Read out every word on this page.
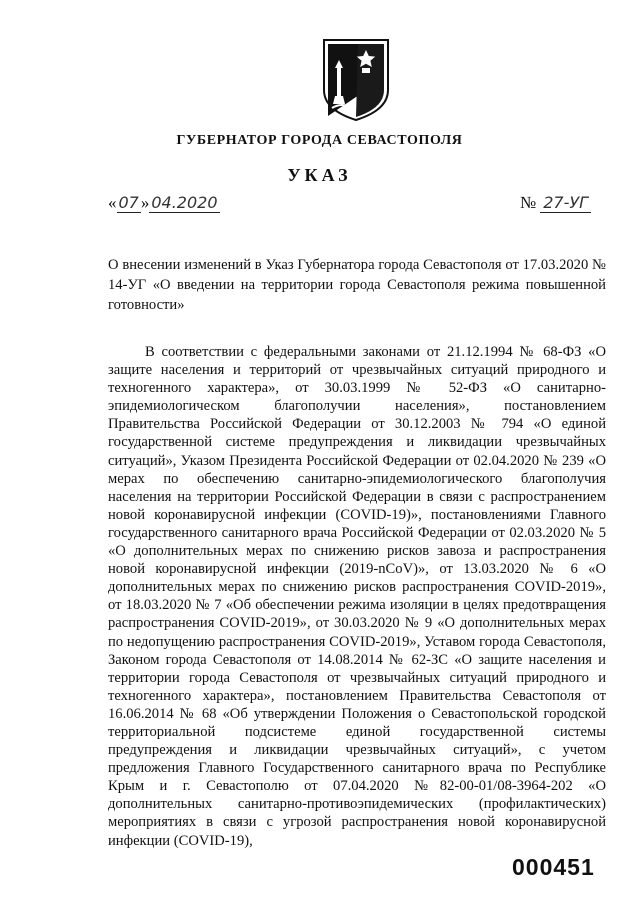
ГУБЕРНАТОР ГОРОДА СЕВАСТОПОЛЯ
УКАЗ
« 07 » 04.2020	№ 27-УГ
О внесении изменений в Указ Губернатора города Севастополя от 17.03.2020 № 14-УГ «О введении на территории города Севастополя режима повышенной готовности»
В соответствии с федеральными законами от 21.12.1994 № 68-ФЗ «О защите населения и территорий от чрезвычайных ситуаций природного и техногенного характера», от 30.03.1999 № 52-ФЗ «О санитарно-эпидемиологическом благополучии населения», постановлением Правительства Российской Федерации от 30.12.2003 № 794 «О единой государственной системе предупреждения и ликвидации чрезвычайных ситуаций», Указом Президента Российской Федерации от 02.04.2020 № 239 «О мерах по обеспечению санитарно-эпидемиологического благополучия населения на территории Российской Федерации в связи с распространением новой коронавирусной инфекции (COVID-19)», постановлениями Главного государственного санитарного врача Российской Федерации от 02.03.2020 № 5 «О дополнительных мерах по снижению рисков завоза и распространения новой коронавирусной инфекции (2019-nCoV)», от 13.03.2020 № 6 «О дополнительных мерах по снижению рисков распространения COVID-2019», от 18.03.2020 № 7 «Об обеспечении режима изоляции в целях предотвращения распространения COVID-2019», от 30.03.2020 № 9 «О дополнительных мерах по недопущению распространения COVID-2019», Уставом города Севастополя, Законом города Севастополя от 14.08.2014 № 62-ЗС «О защите населения и территории города Севастополя от чрезвычайных ситуаций природного и техногенного характера», постановлением Правительства Севастополя от 16.06.2014 № 68 «Об утверждении Положения о Севастопольской городской территориальной подсистеме единой государственной системы предупреждения и ликвидации чрезвычайных ситуаций», с учетом предложения Главного Государственного санитарного врача по Республике Крым и г. Севастополю от 07.04.2020 №82-00-01/08-3964-202 «О дополнительных санитарно-противоэпидемических (профилактических) мероприятиях в связи с угрозой распространения новой коронавирусной инфекции (COVID-19),
000451
